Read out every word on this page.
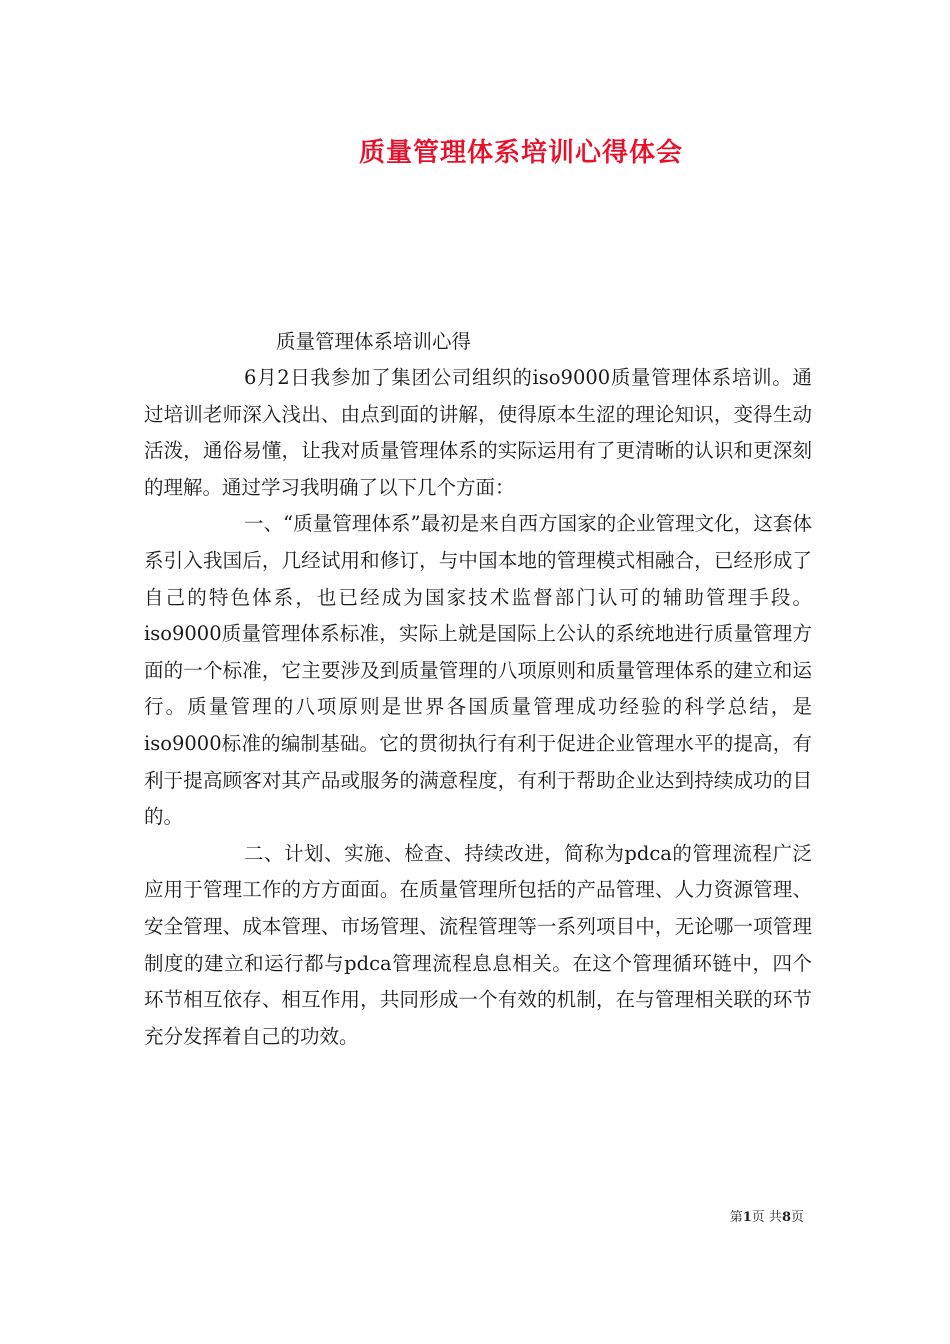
质量管理体系培训心得体会
质量管理体系培训心得

6月2日我参加了集团公司组织的iso9000质量管理体系培训。通过培训老师深入浅出、由点到面的讲解，使得原本生涩的理论知识，变得生动活泼，通俗易懂，让我对质量管理体系的实际运用有了更清晰的认识和更深刻的理解。通过学习我明确了以下几个方面：

一、“质量管理体系”最初是来自西方国家的企业管理文化，这套体系引入我国后，几经试用和修订，与中国本地的管理模式相融合，已经形成了自己的特色体系，也已经成为国家技术监督部门认可的辅助管理手段。iso9000质量管理体系标准，实际上就是国际上公认的系统地进行质量管理方面的一个标准，它主要涉及到质量管理的八项原则和质量管理体系的建立和运行。质量管理的八项原则是世界各国质量管理成功经验的科学总结，是iso9000标准的编制基础。它的贯彻执行有利于促进企业管理水平的提高，有利于提高顾客对其产品或服务的满意程度，有利于帮助企业达到持续成功的目的。

二、计划、实施、检查、持续改进，简称为pdca的管理流程广泛应用于管理工作的方方面面。在质量管理所包括的产品管理、人力资源管理、安全管理、成本管理、市场管理、流程管理等一系列项目中，无论哪一项管理制度的建立和运行都与pdca管理流程息息相关。在这个管理循环链中，四个环节相互依存、相互作用，共同形成一个有效的机制，在与管理相关联的环节充分发挥着自己的功效。

第1页 共8页
